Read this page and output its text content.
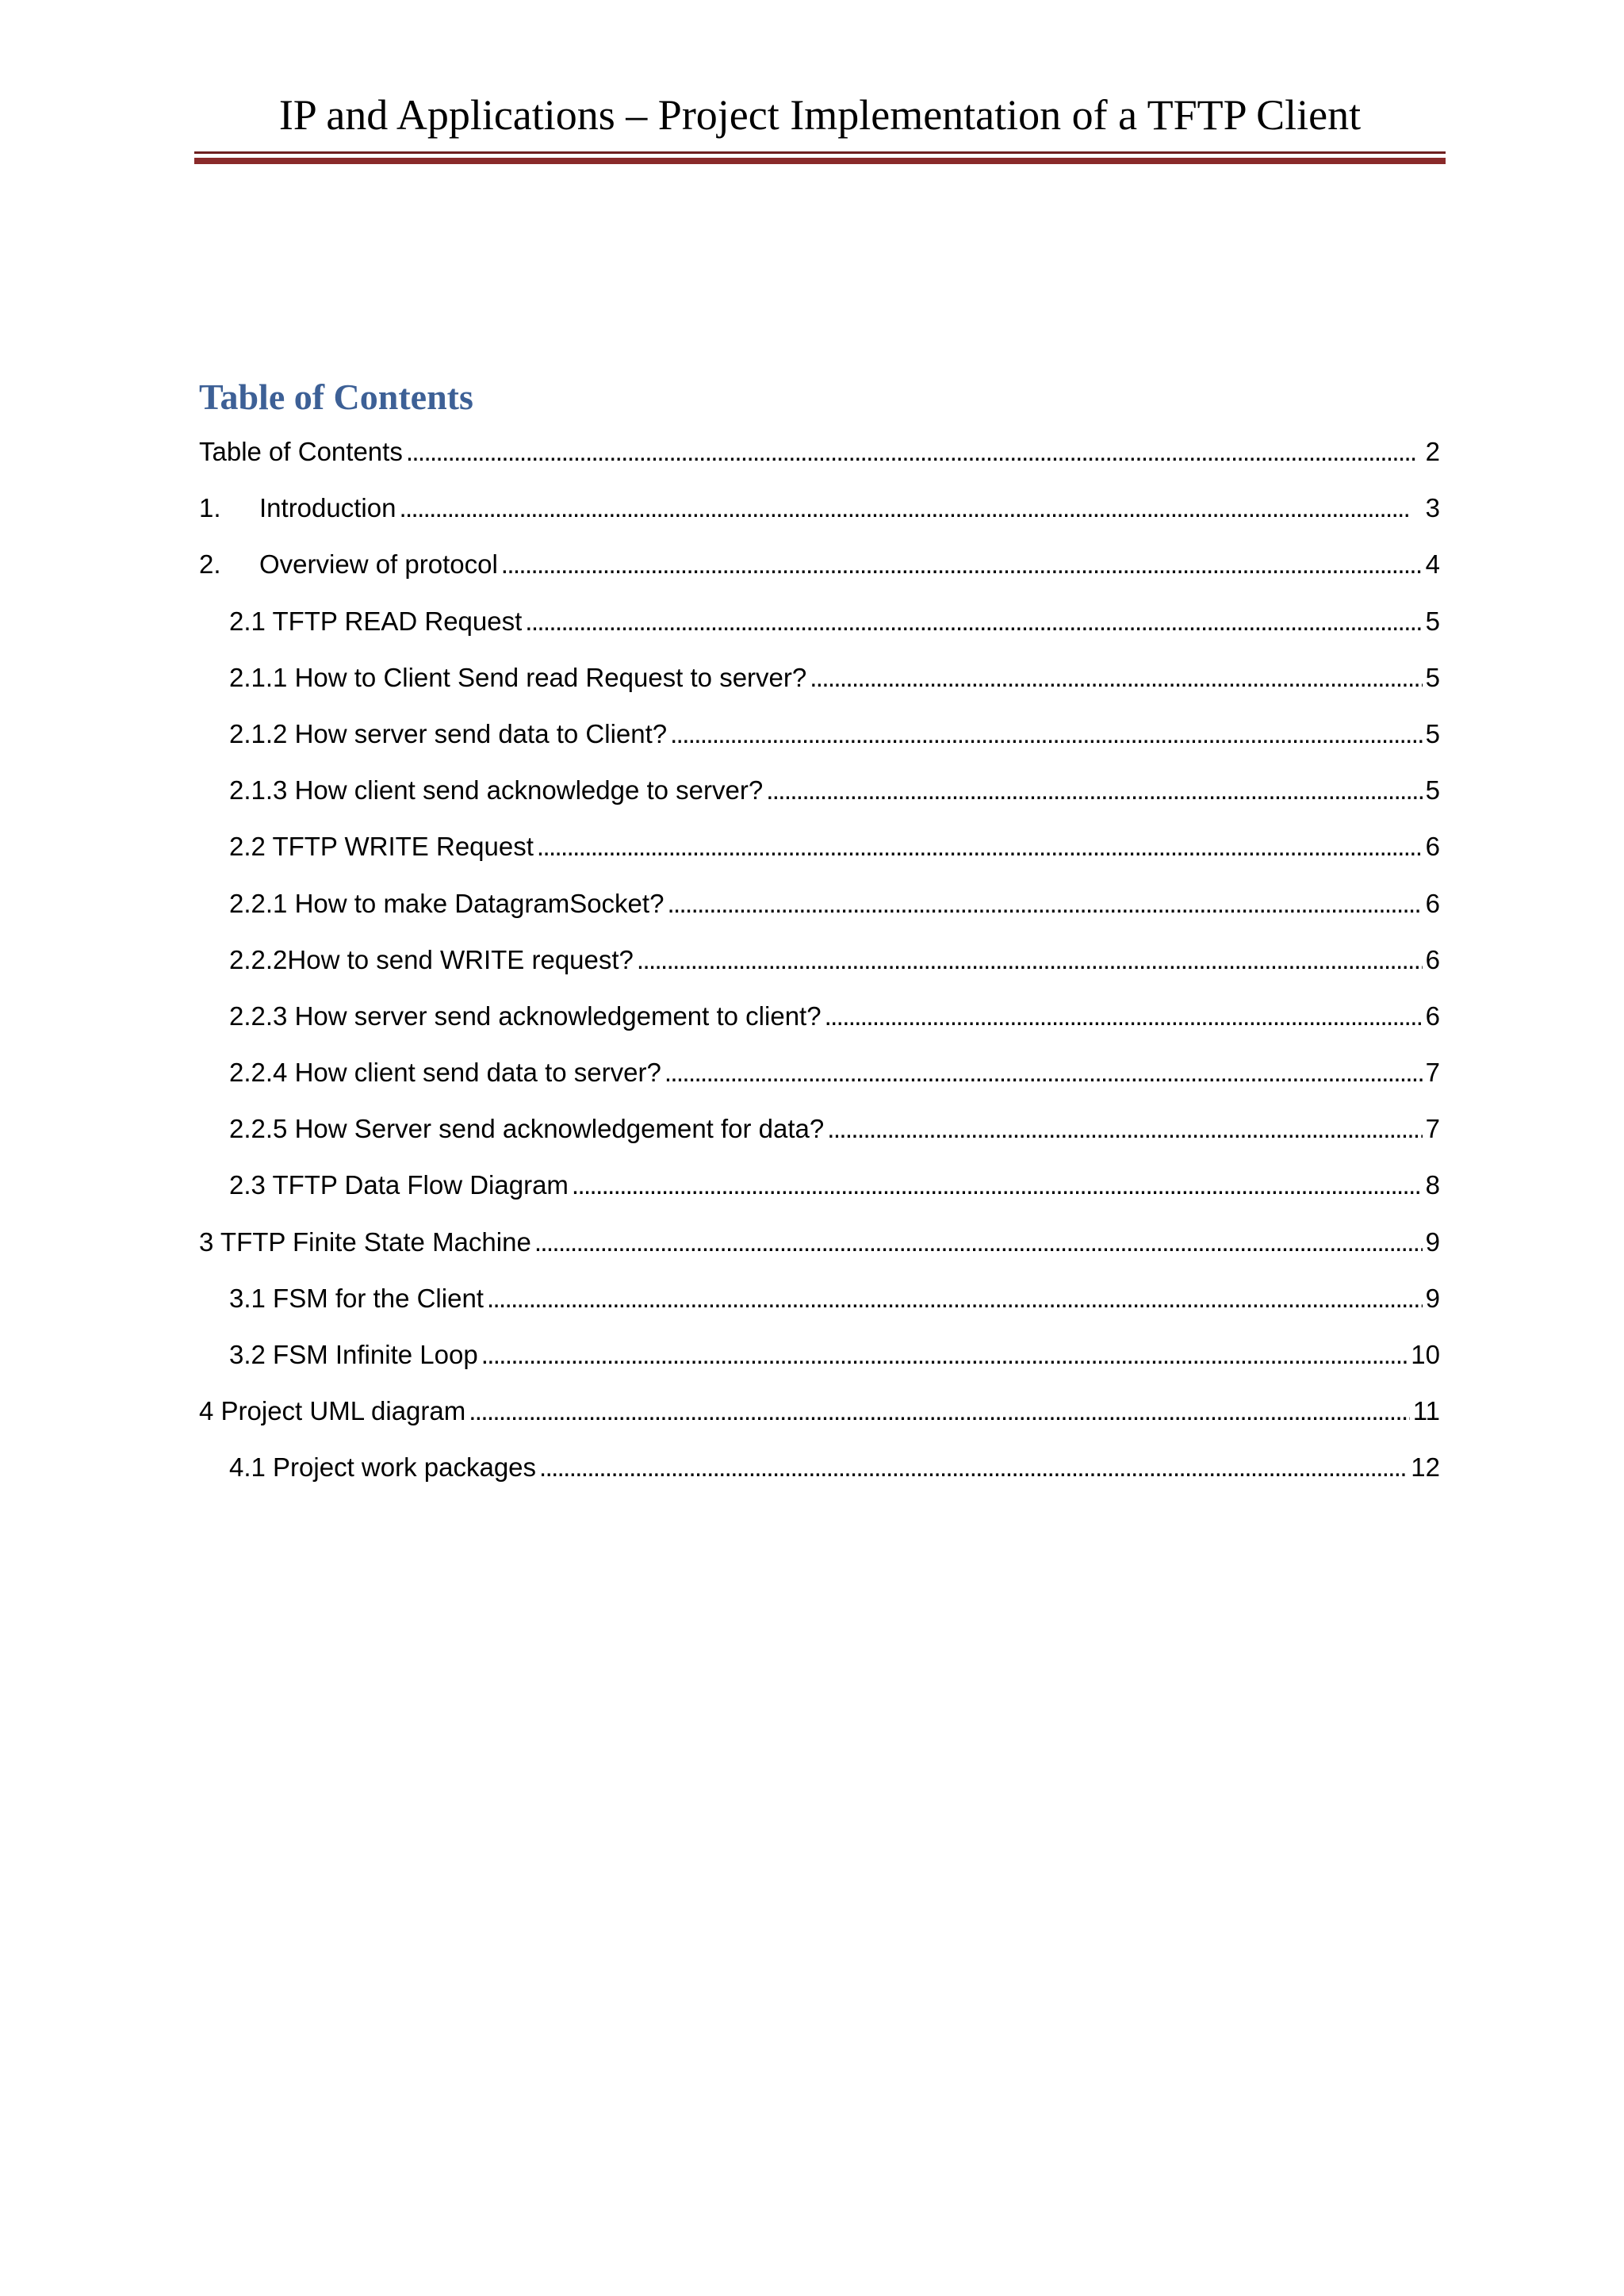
IP and Applications – Project Implementation of a TFTP Client
Table of Contents
Table of Contents . . .	2
1.	Introduction . . .	3
2.	Overview of protocol . . .	4
2.1 TFTP READ Request . . .	5
2.1.1 How to Client Send read Request to server? . . .	5
2.1.2 How server send data to Client? . . .	5
2.1.3 How client send acknowledge to server? . . .	5
2.2 TFTP WRITE Request . . .	6
2.2.1 How to make DatagramSocket? . . .	6
2.2.2How to send WRITE request? . . .	6
2.2.3 How server send acknowledgement to client? . . .	6
2.2.4 How client send data to server? . . .	7
2.2.5 How Server send acknowledgement for data? . . .	7
2.3 TFTP Data Flow Diagram . . .	8
3 TFTP Finite State Machine . . .	9
3.1 FSM for the Client . . .	9
3.2 FSM Infinite Loop . . .	10
4 Project UML diagram . . .	11
4.1 Project work packages . . .	12
